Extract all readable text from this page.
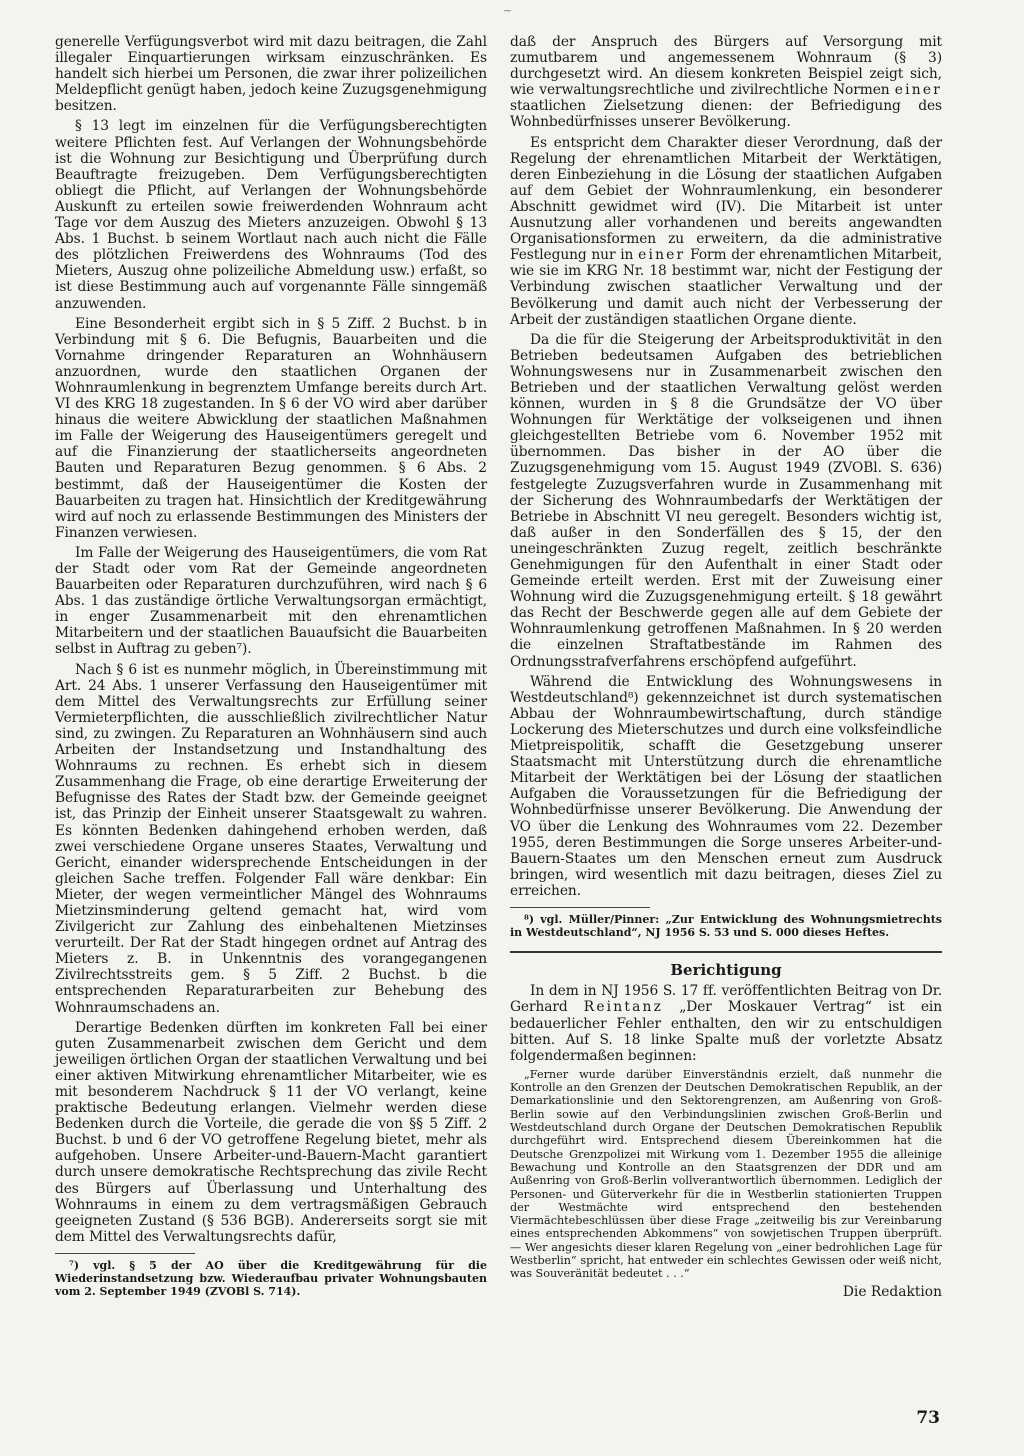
~

generelle Verfügungsverbot wird mit dazu beitragen, die Zahl illegaler Einquartierungen wirksam einzuschränken. Es handelt sich hierbei um Personen, die zwar ihrer polizeilichen Meldepflicht genügt haben, jedoch keine Zuzugsgenehmigung besitzen.

§ 13 legt im einzelnen für die Verfügungsberechtigten weitere Pflichten fest. Auf Verlangen der Wohnungsbehörde ist die Wohnung zur Besichtigung und Überprüfung durch Beauftragte freizugeben. Dem Verfügungsberechtigten obliegt die Pflicht, auf Verlangen der Wohnungsbehörde Auskunft zu erteilen sowie freiwerdenden Wohnraum acht Tage vor dem Auszug des Mieters anzuzeigen. Obwohl § 13 Abs. 1 Buchst. b seinem Wortlaut nach auch nicht die Fälle des plötzlichen Freiwerdens des Wohnraums (Tod des Mieters, Auszug ohne polizeiliche Abmeldung usw.) erfaßt, so ist diese Bestimmung auch auf vorgenannte Fälle sinngemäß anzuwenden.

Eine Besonderheit ergibt sich in § 5 Ziff. 2 Buchst. b in Verbindung mit § 6. Die Befugnis, Bauarbeiten und die Vornahme dringender Reparaturen an Wohnhäusern anzuordnen, wurde den staatlichen Organen der Wohnraumlenkung in begrenztem Umfange bereits durch Art. VI des KRG 18 zugestanden. In § 6 der VO wird aber darüber hinaus die weitere Abwicklung der staatlichen Maßnahmen im Falle der Weigerung des Hauseigentümers geregelt und auf die Finanzierung der staatlicherseits angeordneten Bauten und Reparaturen Bezug genommen. § 6 Abs. 2 bestimmt, daß der Hauseigentümer die Kosten der Bauarbeiten zu tragen hat. Hinsichtlich der Kreditgewährung wird auf noch zu erlassende Bestimmungen des Ministers der Finanzen verwiesen.

Im Falle der Weigerung des Hauseigentümers, die vom Rat der Stadt oder vom Rat der Gemeinde angeordneten Bauarbeiten oder Reparaturen durchzuführen, wird nach § 6 Abs. 1 das zuständige örtliche Verwaltungsorgan ermächtigt, in enger Zusammenarbeit mit den ehrenamtlichen Mitarbeitern und der staatlichen Bauaufsicht die Bauarbeiten selbst in Auftrag zu geben⁷).

Nach § 6 ist es nunmehr möglich, in Übereinstimmung mit Art. 24 Abs. 1 unserer Verfassung den Hauseigentümer mit dem Mittel des Verwaltungsrechts zur Erfüllung seiner Vermieterpflichten, die ausschließlich zivilrechtlicher Natur sind, zu zwingen. Zu Reparaturen an Wohnhäusern sind auch Arbeiten der Instandsetzung und Instandhaltung des Wohnraums zu rechnen. Es erhebt sich in diesem Zusammenhang die Frage, ob eine derartige Erweiterung der Befugnisse des Rates der Stadt bzw. der Gemeinde geeignet ist, das Prinzip der Einheit unserer Staatsgewalt zu wahren. Es könnten Bedenken dahingehend erhoben werden, daß zwei verschiedene Organe unseres Staates, Verwaltung und Gericht, einander widersprechende Entscheidungen in der gleichen Sache treffen. Folgender Fall wäre denkbar: Ein Mieter, der wegen vermeintlicher Mängel des Wohnraums Mietzinsminderung geltend gemacht hat, wird vom Zivilgericht zur Zahlung des einbehaltenen Mietzinses verurteilt. Der Rat der Stadt hingegen ordnet auf Antrag des Mieters z. B. in Unkenntnis des vorangegangenen Zivilrechtsstreits gem. § 5 Ziff. 2 Buchst. b die entsprechenden Reparaturarbeiten zur Behebung des Wohnraumschadens an.

Derartige Bedenken dürften im konkreten Fall bei einer guten Zusammenarbeit zwischen dem Gericht und dem jeweiligen örtlichen Organ der staatlichen Verwaltung und bei einer aktiven Mitwirkung ehrenamtlicher Mitarbeiter, wie es mit besonderem Nachdruck § 11 der VO verlangt, keine praktische Bedeutung erlangen. Vielmehr werden diese Bedenken durch die Vorteile, die gerade die von §§ 5 Ziff. 2 Buchst. b und 6 der VO getroffene Regelung bietet, mehr als aufgehoben. Unsere Arbeiter-und-Bauern-Macht garantiert durch unsere demokratische Rechtsprechung das zivile Recht des Bürgers auf Überlassung und Unterhaltung des Wohnraums in einem zu dem vertragsmäßigen Gebrauch geeigneten Zustand (§ 536 BGB). Andererseits sorgt sie mit dem Mittel des Verwaltungsrechts dafür,

⁷) vgl. § 5 der AO über die Kreditgewährung für die Wiederinstandsetzung bzw. Wiederaufbau privater Wohnungsbauten vom 2. September 1949 (ZVOBl S. 714).

daß der Anspruch des Bürgers auf Versorgung mit zumutbarem und angemessenem Wohnraum (§ 3) durchgesetzt wird. An diesem konkreten Beispiel zeigt sich, wie verwaltungsrechtliche und zivilrechtliche Normen einer staatlichen Zielsetzung dienen: der Befriedigung des Wohnbedürfnisses unserer Bevölkerung.

Es entspricht dem Charakter dieser Verordnung, daß der Regelung der ehrenamtlichen Mitarbeit der Werktätigen, deren Einbeziehung in die Lösung der staatlichen Aufgaben auf dem Gebiet der Wohnraumlenkung, ein besonderer Abschnitt gewidmet wird (IV). Die Mitarbeit ist unter Ausnutzung aller vorhandenen und bereits angewandten Organisationsformen zu erweitern, da die administrative Festlegung nur in einer Form der ehrenamtlichen Mitarbeit, wie sie im KRG Nr. 18 bestimmt war, nicht der Festigung der Verbindung zwischen staatlicher Verwaltung und der Bevölkerung und damit auch nicht der Verbesserung der Arbeit der zuständigen staatlichen Organe diente.

Da die für die Steigerung der Arbeitsproduktivität in den Betrieben bedeutsamen Aufgaben des betrieblichen Wohnungswesens nur in Zusammenarbeit zwischen den Betrieben und der staatlichen Verwaltung gelöst werden können, wurden in § 8 die Grundsätze der VO über Wohnungen für Werktätige der volkseigenen und ihnen gleichgestellten Betriebe vom 6. November 1952 mit übernommen. Das bisher in der AO über die Zuzugsgenehmigung vom 15. August 1949 (ZVOBl. S. 636) festgelegte Zuzugsverfahren wurde in Zusammenhang mit der Sicherung des Wohnraumbedarfs der Werktätigen der Betriebe in Abschnitt VI neu geregelt. Besonders wichtig ist, daß außer in den Sonderfällen des § 15, der den uneingeschränkten Zuzug regelt, zeitlich beschränkte Genehmigungen für den Aufenthalt in einer Stadt oder Gemeinde erteilt werden. Erst mit der Zuweisung einer Wohnung wird die Zuzugsgenehmigung erteilt. § 18 gewährt das Recht der Beschwerde gegen alle auf dem Gebiete der Wohnraumlenkung getroffenen Maßnahmen. In § 20 werden die einzelnen Straftatbestände im Rahmen des Ordnungsstrafverfahrens erschöpfend aufgeführt.

Während die Entwicklung des Wohnungswesens in Westdeutschland⁸) gekennzeichnet ist durch systematischen Abbau der Wohnraumbewirtschaftung, durch ständige Lockerung des Mieterschutzes und durch eine volksfeindliche Mietpreispolitik, schafft die Gesetzgebung unserer Staatsmacht mit Unterstützung durch die ehrenamtliche Mitarbeit der Werktätigen bei der Lösung der staatlichen Aufgaben die Voraussetzungen für die Befriedigung der Wohnbedürfnisse unserer Bevölkerung. Die Anwendung der VO über die Lenkung des Wohnraumes vom 22. Dezember 1955, deren Bestimmungen die Sorge unseres Arbeiter-und-Bauern-Staates um den Menschen erneut zum Ausdruck bringen, wird wesentlich mit dazu beitragen, dieses Ziel zu erreichen.

⁸) vgl. Müller/Pinner: „Zur Entwicklung des Wohnungsmietrechts in Westdeutschland“, NJ 1956 S. 53 und S. 000 dieses Heftes.

Berichtigung

In dem in NJ 1956 S. 17 ff. veröffentlichten Beitrag von Dr. Gerhard Reintanz „Der Moskauer Vertrag“ ist ein bedauerlicher Fehler enthalten, den wir zu entschuldigen bitten. Auf S. 18 linke Spalte muß der vorletzte Absatz folgendermaßen beginnen:

„Ferner wurde darüber Einverständnis erzielt, daß nunmehr die Kontrolle an den Grenzen der Deutschen Demokratischen Republik, an der Demarkationslinie und den Sektorengrenzen, am Außenring von Groß-Berlin sowie auf den Verbindungslinien zwischen Groß-Berlin und Westdeutschland durch Organe der Deutschen Demokratischen Republik durchgeführt wird. Entsprechend diesem Übereinkommen hat die Deutsche Grenzpolizei mit Wirkung vom 1. Dezember 1955 die alleinige Bewachung und Kontrolle an den Staatsgrenzen der DDR und am Außenring von Groß-Berlin vollverantwortlich übernommen. Lediglich der Personen- und Güterverkehr für die in Westberlin stationierten Truppen der Westmächte wird entsprechend den bestehenden Viermächtebeschlüssen über diese Frage „zeitweilig bis zur Vereinbarung eines entsprechenden Abkommens“ von sowjetischen Truppen überprüft. — Wer angesichts dieser klaren Regelung von „einer bedrohlichen Lage für Westberlin“ spricht, hat entweder ein schlechtes Gewissen oder weiß nicht, was Souveränität bedeutet . . .“

Die Redaktion

73
